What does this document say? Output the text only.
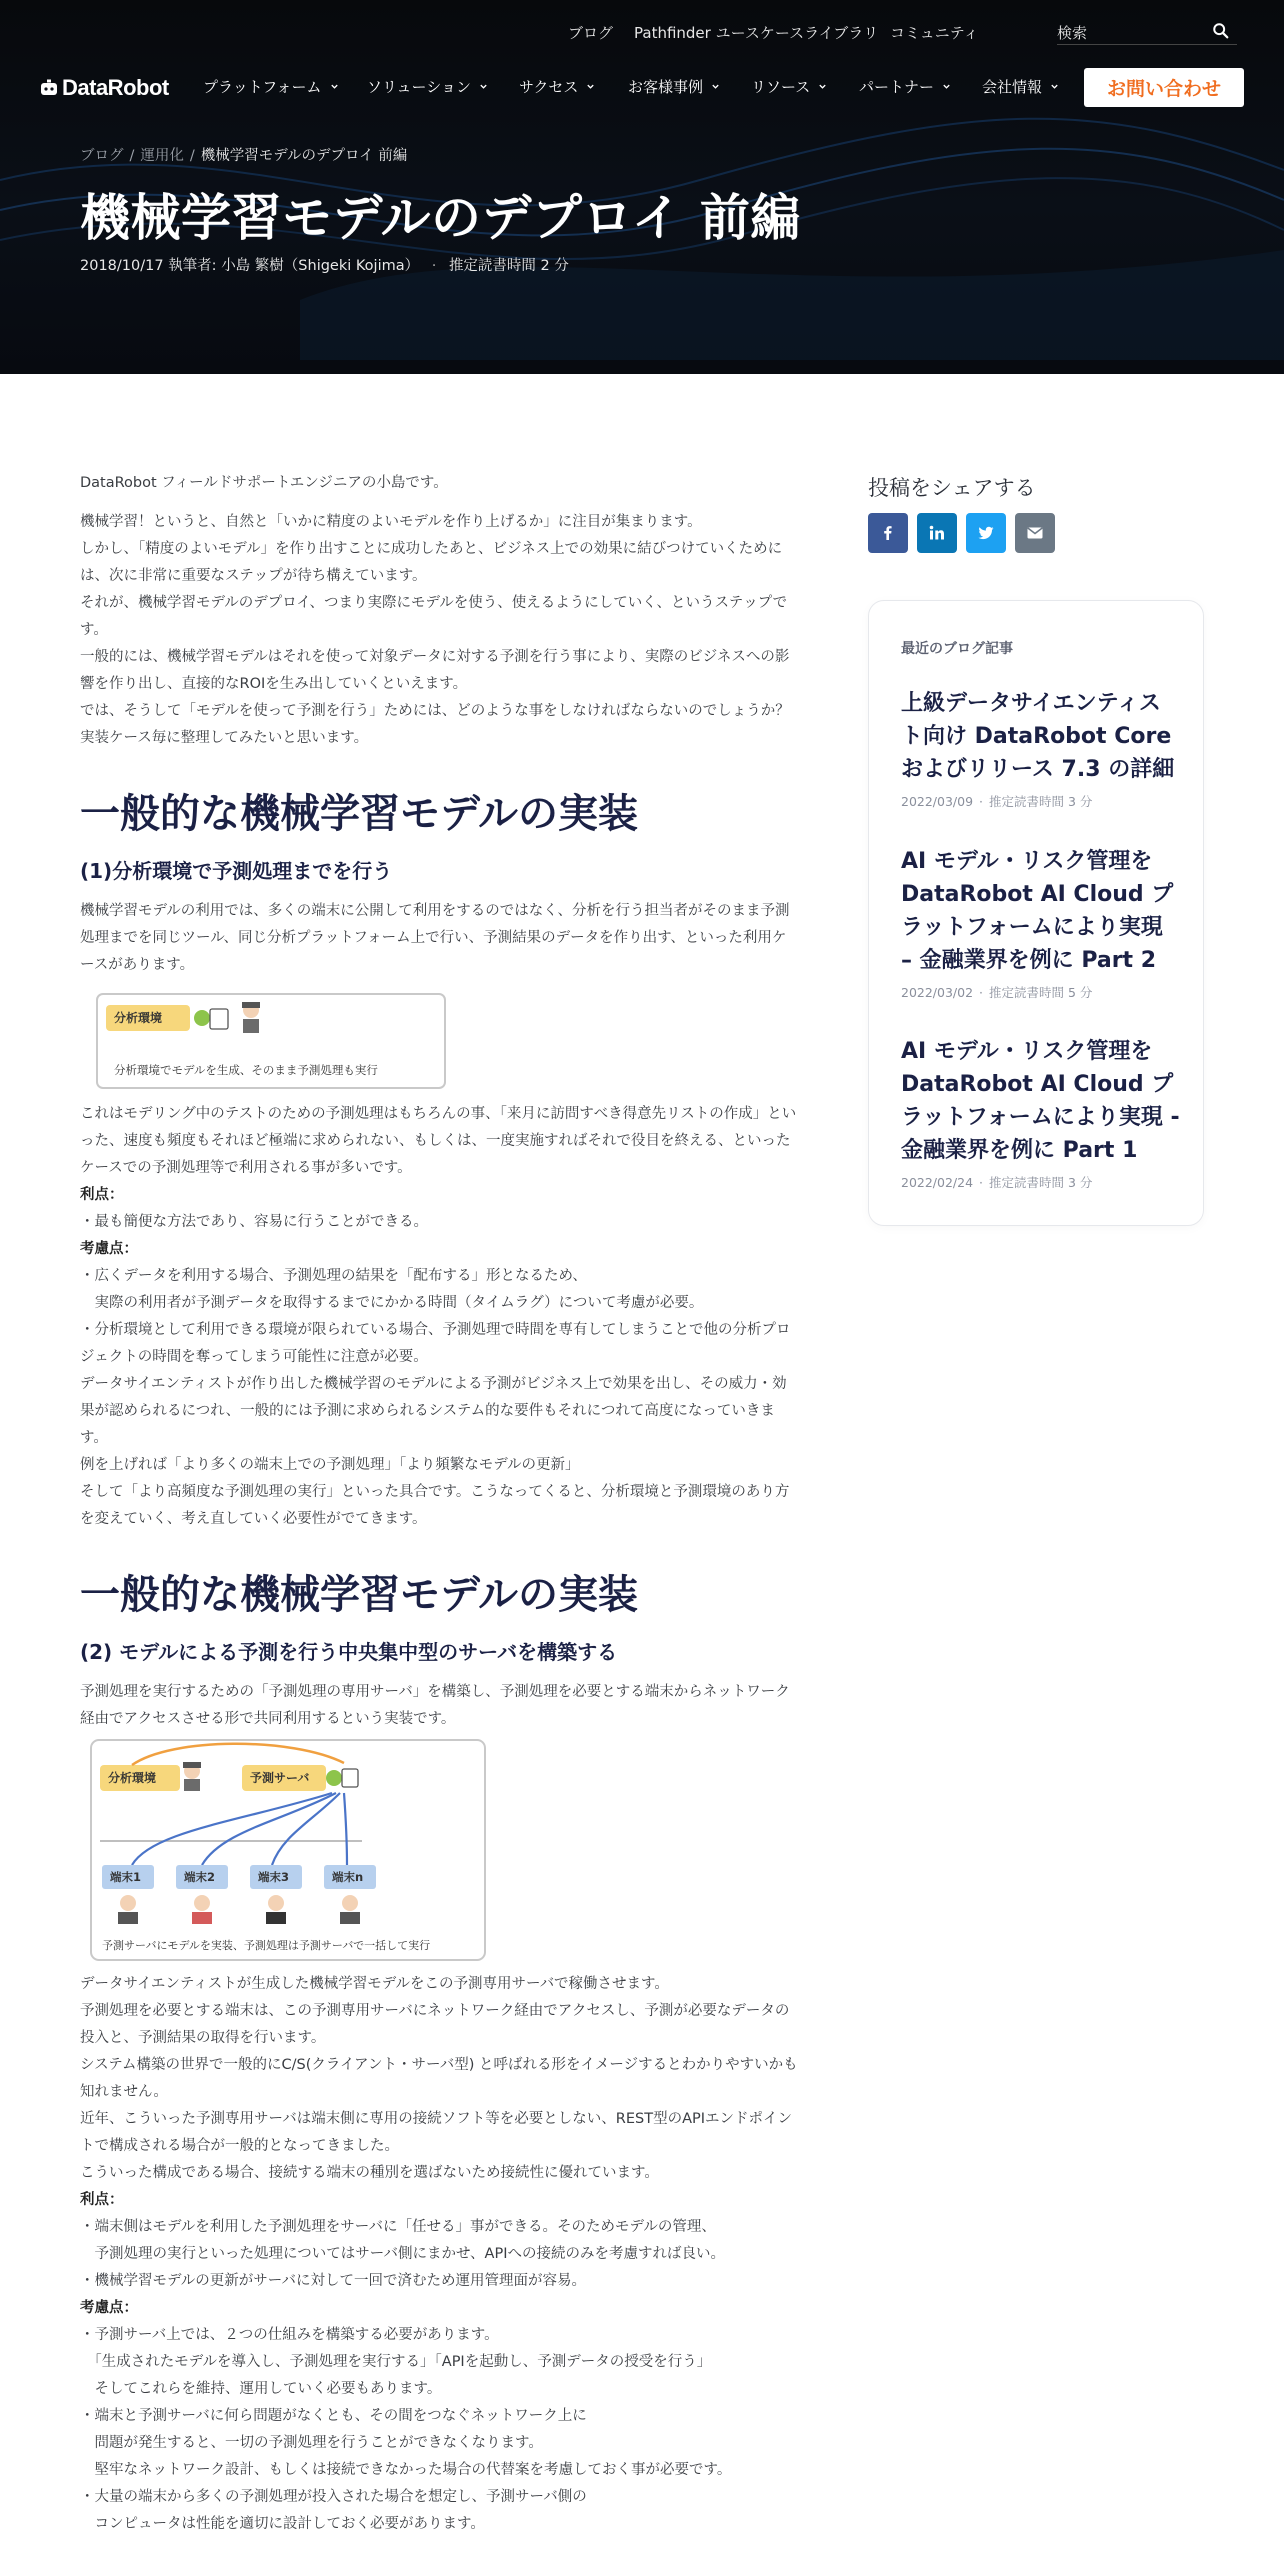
ブログ Pathfinder ユースケースライブラリ コミュニティ	検索
DataRobot プラットフォーム	ソリューション	サクセス	お客様事例	リソース	パートナー	会社情報	お問い合わせ
ブログ / 運用化 / 機械学習モデルのデプロイ 前編
機械学習モデルのデプロイ 前編
2018/10/17 執筆者: 小島 繁樹（Shigeki Kojima） · 推定読書時間 2 分

DataRobot フィールドサポートエンジニアの小島です。

機械学習！というと、自然と「いかに精度のよいモデルを作り上げるか」に注目が集まります。

しかし、「精度のよいモデル」を作り出すことに成功したあと、ビジネス上での効果に結びつけていくためには、次に非常に重要なステップが待ち構えています。

それが、機械学習モデルのデプロイ、つまり実際にモデルを使う、使えるようにしていく、というステップです。

一般的には、機械学習モデルはそれを使って対象データに対する予測を行う事により、実際のビジネスへの影響を作り出し、直接的なROIを生み出していくといえます。

では、そうして「モデルを使って予測を行う」ためには、どのような事をしなければならないのでしょうか？ 実装ケース毎に整理してみたいと思います。

一般的な機械学習モデルの実装
(1)分析環境で予測処理までを行う

機械学習モデルの利用では、多くの端末に公開して利用をするのではなく、分析を行う担当者がそのまま予測処理までを同じツール、同じ分析プラットフォーム上で行い、予測結果のデータを作り出す、といった利用ケースがあります。

分析環境
分析環境でモデルを生成、そのまま予測処理も実行

これはモデリング中のテストのための予測処理はもちろんの事、「来月に訪問すべき得意先リストの作成」といった、速度も頻度もそれほど極端に求められない、もしくは、一度実施すればそれで役目を終える、といったケースでの予測処理等で利用される事が多いです。

利点：

・最も簡便な方法であり、容易に行うことができる。

考慮点：

・広くデータを利用する場合、予測処理の結果を「配布する」形となるため、

　実際の利用者が予測データを取得するまでにかかる時間（タイムラグ）について考慮が必要。

・分析環境として利用できる環境が限られている場合、予測処理で時間を専有してしまうことで他の分析プロジェクトの時間を奪ってしまう可能性に注意が必要。

データサイエンティストが作り出した機械学習のモデルによる予測がビジネス上で効果を出し、その威力・効果が認められるにつれ、一般的には予測に求められるシステム的な要件もそれにつれて高度になっていきます。

例を上げれば「より多くの端末上での予測処理」「より頻繁なモデルの更新」

そして「より高頻度な予測処理の実行」といった具合です。こうなってくると、分析環境と予測環境のあり方を変えていく、考え直していく必要性がでてきます。

一般的な機械学習モデルの実装
(2) モデルによる予測を行う中央集中型のサーバを構築する

予測処理を実行するための「予測処理の専用サーバ」を構築し、予測処理を必要とする端末からネットワーク経由でアクセスさせる形で共同利用するという実装です。

分析環境	予測サーバ
端末1	端末2	端末3	端末n
予測サーバにモデルを実装、予測処理は予測サーバで一括して実行

データサイエンティストが生成した機械学習モデルをこの予測専用サーバで稼働させます。

予測処理を必要とする端末は、この予測専用サーバにネットワーク経由でアクセスし、予測が必要なデータの投入と、予測結果の取得を行います。

システム構築の世界で一般的にC/S(クライアント・サーバ型) と呼ばれる形をイメージするとわかりやすいかも知れません。

近年、こういった予測専用サーバは端末側に専用の接続ソフト等を必要としない、REST型のAPIエンドポイントで構成される場合が一般的となってきました。

こういった構成である場合、接続する端末の種別を選ばないため接続性に優れています。

利点：

・端末側はモデルを利用した予測処理をサーバに「任せる」事ができる。そのためモデルの管理、

　予測処理の実行といった処理についてはサーバ側にまかせ、APIへの接続のみを考慮すれば良い。

・機械学習モデルの更新がサーバに対して一回で済むため運用管理面が容易。

考慮点：

・予測サーバ上では、２つの仕組みを構築する必要があります。

　「生成されたモデルを導入し、予測処理を実行する」「APIを起動し、予測データの授受を行う」

　そしてこれらを維持、運用していく必要もあります。

・端末と予測サーバに何ら問題がなくとも、その間をつなぐネットワーク上に

　問題が発生すると、一切の予測処理を行うことができなくなります。

　堅牢なネットワーク設計、もしくは接続できなかった場合の代替案を考慮しておく事が必要です。

・大量の端末から多くの予測処理が投入された場合を想定し、予測サーバ側の

　コンピュータは性能を適切に設計しておく必要があります。

投稿をシェアする
最近のブログ記事
上級データサイエンティスト向け DataRobot Core およびリリース 7.3 の詳細
2022/03/09 · 推定読書時間 3 分
AI モデル・リスク管理を DataRobot AI Cloud プラットフォームにより実現 – 金融業界を例に Part 2
2022/03/02 · 推定読書時間 5 分
AI モデル・リスク管理を DataRobot AI Cloud プラットフォームにより実現 - 金融業界を例に Part 1
2022/02/24 · 推定読書時間 3 分
